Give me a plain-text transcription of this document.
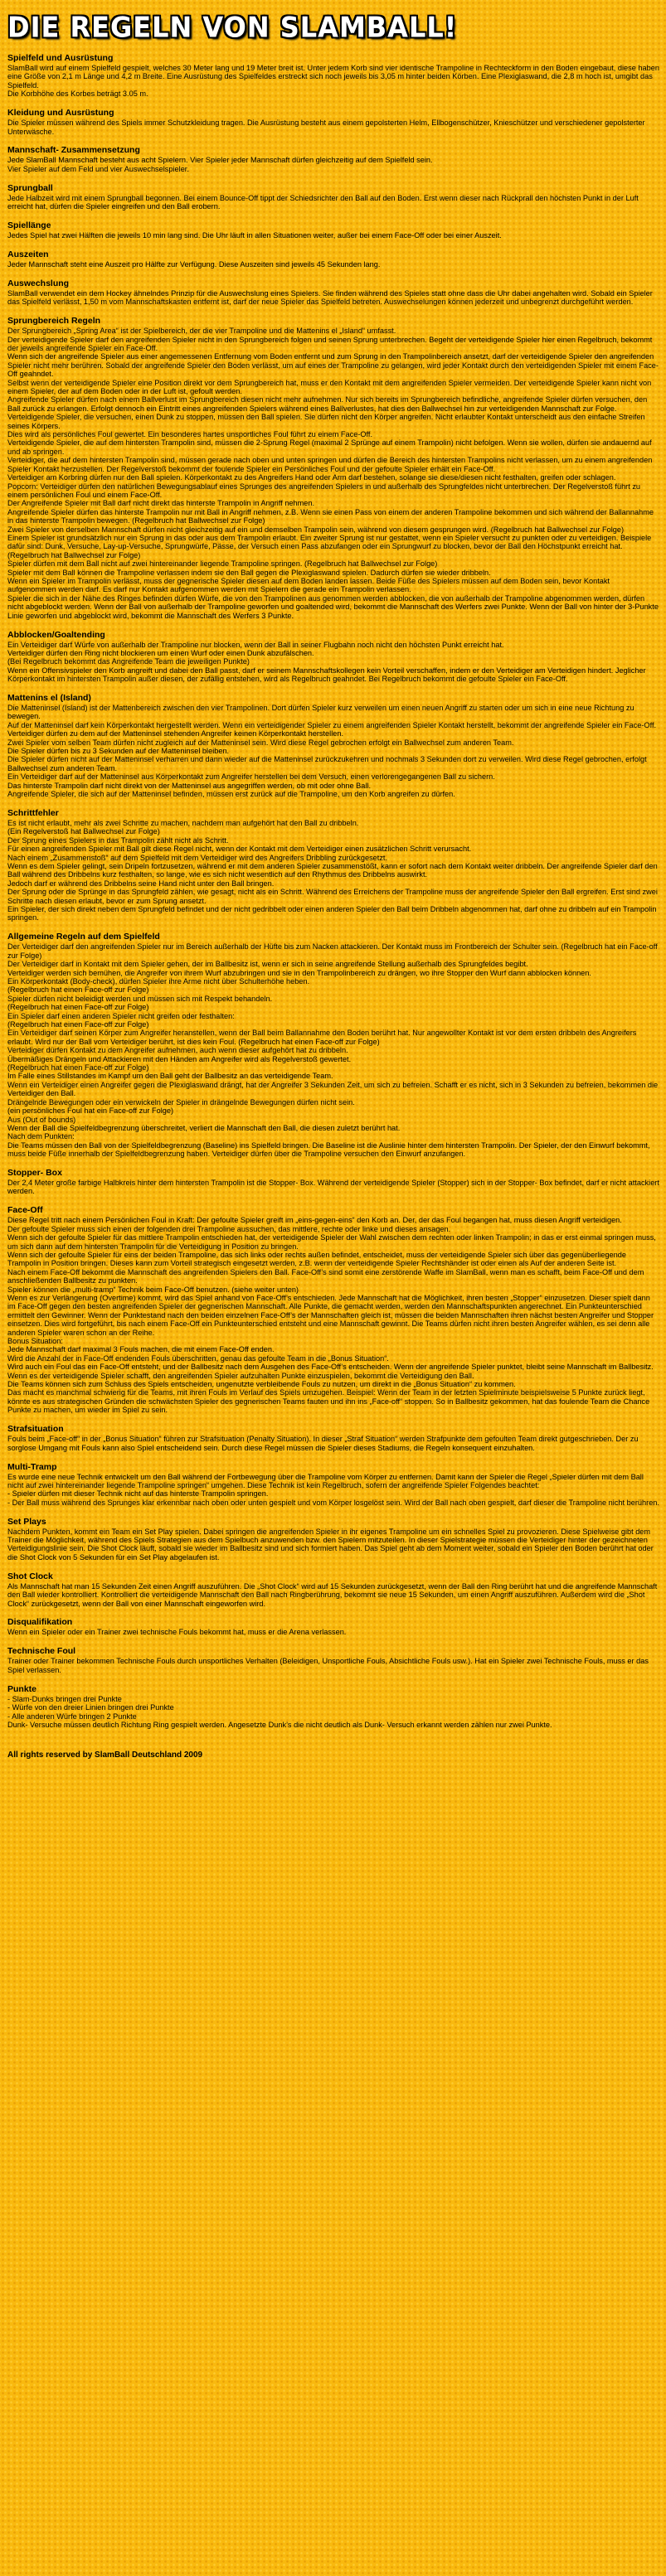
DIE REGELN VON SLAMBALL!
Spielfeld und Ausrüstung

SlamBall wird auf einem Spielfeld gespielt, welches 30 Meter lang und 19 Meter breit ist. Unter jedem Korb sind vier identische Trampoline in Rechteckform in den Boden eingebaut, diese haben eine Größe von 2,1 m Länge und 4,2 m Breite. Eine Ausrüstung des Spielfeldes erstreckt sich noch jeweils bis 3,05 m hinter beiden Körben. Eine Plexiglaswand, die 2,8 m hoch ist, umgibt das Spielfeld.

Die Korbhöhe des Korbes beträgt 3.05 m.

Kleidung und Ausrüstung

Die Spieler müssen während des Spiels immer Schutzkleidung tragen. Die Ausrüstung besteht aus einem gepolsterten Helm, Ellbogenschützer, Knieschützer und verschiedener gepolsterter Unterwäsche.

Mannschaft- Zusammensetzung

Jede SlamBall Mannschaft besteht aus acht Spielern. Vier Spieler jeder Mannschaft dürfen gleichzeitig auf dem Spielfeld sein.

Vier Spieler auf dem Feld und vier Auswechselspieler.

Sprungball

Jede Halbzeit wird mit einem Sprungball begonnen. Bei einem Bounce-Off tippt der Schiedsrichter den Ball auf den Boden. Erst wenn dieser nach Rückprall den höchsten Punkt in der Luft erreicht hat, dürfen die Spieler eingreifen und den Ball erobern.

Spiellänge

Jedes Spiel hat zwei Hälften die jeweils 10 min lang sind. Die Uhr läuft in allen Situationen weiter, außer bei einem Face-Off oder bei einer Auszeit.

Auszeiten

Jeder Mannschaft steht eine Auszeit pro Hälfte zur Verfügung. Diese Auszeiten sind jeweils 45 Sekunden lang.

Auswechslung

SlamBall verwendet ein dem Hockey ähnelndes Prinzip für die Auswechslung eines Spielers. Sie finden während des Spieles statt ohne dass die Uhr dabei angehalten wird. Sobald ein Spieler das Spielfeld verlässt, 1,50 m vom Mannschaftskasten entfernt ist, darf der neue Spieler das Spielfeld betreten. Auswechselungen können jederzeit und unbegrenzt durchgeführt werden.

Sprungbereich Regeln

Der Sprungbereich „Spring Area“ ist der Spielbereich, der die vier Trampoline und die Mattenins el „Island“ umfasst.

Der verteidigende Spieler darf den angreifenden Spieler nicht in den Sprungbereich folgen und seinen Sprung unterbrechen. Begeht der verteidigende Spieler hier einen Regelbruch, bekommt der jeweils angreifende Spieler ein Face-Off.

Wenn sich der angreifende Spieler aus einer angemessenen Entfernung vom Boden entfernt und zum Sprung in den Trampolinbereich ansetzt, darf der verteidigende Spieler den angreifenden Spieler nicht mehr berühren. Sobald der angreifende Spieler den Boden verlässt, um auf eines der Trampoline zu gelangen, wird jeder Kontakt durch den verteidigenden Spieler mit einem Face-Off geahndet.

Selbst wenn der verteidigende Spieler eine Position direkt vor dem Sprungbereich hat, muss er den Kontakt mit dem angreifenden Spieler vermeiden. Der verteidigende Spieler kann nicht von einem Spieler, der auf dem Boden oder in der Luft ist, gefoult werden.

Angreifende Spieler dürfen nach einem Ballverlust im Sprungbereich diesen nicht mehr aufnehmen. Nur sich bereits im Sprungbereich befindliche, angreifende Spieler dürfen versuchen, den Ball zurück zu erlangen. Erfolgt dennoch ein Eintritt eines angreifenden Spielers während eines Ballverlustes, hat dies den Ballwechsel hin zur verteidigenden Mannschaft zur Folge.

Verteidigende Spieler, die versuchen, einen Dunk zu stoppen, müssen den Ball spielen. Sie dürfen nicht den Körper angreifen. Nicht erlaubter Kontakt unterscheidt aus den einfache Streifen seines Körpers.

Dies wird als persönliches Foul gewertet. Ein besonderes hartes unsportliches Foul führt zu einem Face-Off.

Verteidigende Spieler, die auf dem hintersten Trampolin sind, müssen die 2-Sprung Regel (maximal 2 Sprünge auf einem Trampolin) nicht befolgen. Wenn sie wollen, dürfen sie andauernd auf und ab springen.

Verteidiger, die auf dem hintersten Trampolin sind, müssen gerade nach oben und unten springen und dürfen die Bereich des hintersten Trampolins nicht verlassen, um zu einem angreifenden Spieler Kontakt herzustellen. Der Regelverstoß bekommt der foulende Spieler ein Persönliches Foul und der gefoulte Spieler erhält ein Face-Off.

Verteidiger am Korbring dürfen nur den Ball spielen. Körperkontakt zu des Angreifers Hand oder Arm darf bestehen, solange sie diese/diesen nicht festhalten, greifen oder schlagen.

Popcorn: Verteidiger dürfen den natürlichen Bewegungsablauf eines Sprunges des angreifenden Spielers in und außerhalb des Sprungfeldes nicht unterbrechen. Der Regelverstoß führt zu einem persönlichen Foul und einem Face-Off.

Der Angreifende Spieler mit Ball darf nicht direkt das hinterste Trampolin in Angriff nehmen.

Angreifende Spieler dürfen das hinterste Trampolin nur mit Ball in Angriff nehmen, z.B. Wenn sie einen Pass von einem der anderen Trampoline bekommen und sich während der Ballannahme in das hinterste Trampolin bewegen. (Regelbruch hat Ballwechsel zur Folge)

Zwei Spieler von derselben Mannschaft dürfen nicht gleichzeitig auf ein und demselben Trampolin sein, während von diesem gesprungen wird. (Regelbruch hat Ballwechsel zur Folge)

Einem Spieler ist grundsätzlich nur ein Sprung in das oder aus dem Trampolin erlaubt. Ein zweiter Sprung ist nur gestattet, wenn ein Spieler versucht zu punkten oder zu verteidigen. Beispiele dafür sind: Dunk, Versuche, Lay-up-Versuche, Sprungwürfe, Pässe, der Versuch einen Pass abzufangen oder ein Sprungwurf zu blocken, bevor der Ball den Höchstpunkt erreicht hat. (Regelbruch hat Ballwechsel zur Folge)

Spieler dürfen mit dem Ball nicht auf zwei hintereinander liegende Trampoline springen. (Regelbruch hat Ballwechsel zur Folge)

Spieler mit dem Ball können die Trampoline verlassen indem sie den Ball gegen die Plexiglaswand spielen. Dadurch dürfen sie wieder dribbeln.

Wenn ein Spieler im Trampolin verlässt, muss der gegnerische Spieler diesen auf dem Boden landen lassen. Beide Füße des Spielers müssen auf dem Boden sein, bevor Kontakt aufgenommen werden darf. Es darf nur Kontakt aufgenommen werden mit Spielern die gerade ein Trampolin verlassen.

Spieler die sich in der Nähe des Ringes befinden dürfen Würfe, die von den Trampolinen aus genommen werden abblocken, die von außerhalb der Trampoline abgenommen werden, dürfen nicht abgeblockt werden. Wenn der Ball von außerhalb der Trampoline geworfen und goaltended wird, bekommt die Mannschaft des Werfers zwei Punkte. Wenn der Ball von hinter der 3-Punkte Linie geworfen und abgeblockt wird, bekommt die Mannschaft des Werfers 3 Punkte.

Abblocken/Goaltending

Ein Verteidiger darf Würfe von außerhalb der Trampoline nur blocken, wenn der Ball in seiner Flugbahn noch nicht den höchsten Punkt erreicht hat.

Verteidiger dürfen den Ring nicht blockieren um einen Wurf oder einen Dunk abzufälschen.

(Bei Regelbruch bekommt das Angreifende Team die jeweiligen Punkte)

Wenn ein Offensivspieler den Korb angreift und dabei den Ball passt, darf er seinem Mannschaftskollegen kein Vorteil verschaffen, indem er den Verteidiger am Verteidigen hindert. Jeglicher Körperkontakt im hintersten Trampolin außer diesen, der zufällig entstehen, wird als Regelbruch geahndet. Bei Regelbruch bekommt die gefoulte Spieler ein Face-Off.

Mattenins el (Island)

Die Matteninsel (Island) ist der Mattenbereich zwischen den vier Trampolinen. Dort dürfen Spieler kurz verweilen um einen neuen Angriff zu starten oder um sich in eine neue Richtung zu bewegen.

Auf der Matteninsel darf kein Körperkontakt hergestellt werden. Wenn ein verteidigender Spieler zu einem angreifenden Spieler Kontakt herstellt, bekommt der angreifende Spieler ein Face-Off. Verteidiger dürfen zu dem auf der Matteninsel stehenden Angreifer keinen Körperkontakt herstellen.

Zwei Spieler vom selben Team dürfen nicht zugleich auf der Matteninsel sein. Wird diese Regel gebrochen erfolgt ein Ballwechsel zum anderen Team.

Die Spieler dürfen bis zu 3 Sekunden auf der Matteninsel bleiben.

Die Spieler dürfen nicht auf der Matteninsel verharren und dann wieder auf die Matteninsel zurückzukehren und nochmals 3 Sekunden dort zu verweilen. Wird diese Regel gebrochen, erfolgt Ballwechsel zum anderen Team.

Ein Verteidiger darf auf der Matteninsel aus Körperkontakt zum Angreifer herstellen bei dem Versuch, einen verlorengegangenen Ball zu sichern.

Das hinterste Trampolin darf nicht direkt von der Matteninsel aus angegriffen werden, ob mit oder ohne Ball.

Angreifende Spieler, die sich auf der Matteninsel befinden, müssen erst zurück auf die Trampoline, um den Korb angreifen zu dürfen.

Schrittfehler

Es ist nicht erlaubt, mehr als zwei Schritte zu machen, nachdem man aufgehört hat den Ball zu dribbeln.

(Ein Regelverstoß hat Ballwechsel zur Folge)

Der Sprung eines Spielers in das Trampolin zählt nicht als Schritt.

Für einen angreifenden Spieler mit Ball gilt diese Regel nicht, wenn der Kontakt mit dem Verteidiger einen zusätzlichen Schritt verursacht.

Nach einem „Zusammenstoß“ auf dem Spielfeld mit dem Verteidiger wird des Angreifers Dribbling zurückgesetzt.

Wenn es dem Spieler gelingt, sein Dripeln fortzusetzen, während er mit dem anderen Spieler zusammenstößt, kann er sofort nach dem Kontakt weiter dribbeln. Der angreifende Spieler darf den Ball während des Dribbelns kurz festhalten, so lange, wie es sich nicht wesentlich auf den Rhythmus des Dribbelns auswirkt.

Jedoch darf er während des Dribbelns seine Hand nicht unter den Ball bringen.

Der Sprung oder die Sprünge in das Sprungfeld zählen, wie gesagt, nicht als ein Schritt. Während des Erreichens der Trampoline muss der angreifende Spieler den Ball ergreifen. Erst sind zwei Schritte nach diesen erlaubt, bevor er zum Sprung ansetzt.

Ein Spieler, der sich direkt neben dem Sprungfeld befindet und der nicht gedribbelt oder einen anderen Spieler den Ball beim Dribbeln abgenommen hat, darf ohne zu dribbeln auf ein Trampolin springen.

Allgemeine Regeln auf dem Spielfeld

Der Verteidiger darf den angreifenden Spieler nur im Bereich außerhalb der Hüfte bis zum Nacken attackieren. Der Kontakt muss im Frontbereich der Schulter sein. (Regelbruch hat ein Face-off zur Folge)

Der Verteidiger darf in Kontakt mit dem Spieler gehen, der im Ballbesitz ist, wenn er sich in seine angreifende Stellung außerhalb des Sprungfeldes begibt.

Verteidiger werden sich bemühen, die Angreifer von ihrem Wurf abzubringen und sie in den Trampolinbereich zu drängen, wo ihre Stopper den Wurf dann abblocken können.

Ein Körperkontakt (Body-check), dürfen Spieler ihre Arme nicht über Schulterhöhe heben.

(Regelbruch hat einen Face-off zur Folge)

Spieler dürfen nicht beleidigt werden und müssen sich mit Respekt behandeln.

(Regelbruch hat einen Face-off zur Folge)

Ein Spieler darf einen anderen Spieler nicht greifen oder festhalten:

(Regelbruch hat einen Face-off zur Folge)

Ein Verteidiger darf seinen Körper zum Angreifer heranstellen, wenn der Ball beim Ballannahme den Boden berührt hat. Nur angewollter Kontakt ist vor dem ersten dribbeln des Angreifers erlaubt. Wird nur der Ball vom Verteidiger berührt, ist dies kein Foul. (Regelbruch hat einen Face-off zur Folge)

Verteidiger dürfen Kontakt zu dem Angreifer aufnehmen, auch wenn dieser aufgehört hat zu dribbeln.

Übermäßiges Drängeln und Attackieren mit den Händen am Angreifer wird als Regelverstoß gewertet.

(Regelbruch hat einen Face-off zur Folge)

Im Falle eines Stillstandes im Kampf um den Ball geht der Ballbesitz an das verteidigende Team.

Wenn ein Verteidiger einen Angreifer gegen die Plexiglaswand drängt, hat der Angreifer 3 Sekunden Zeit, um sich zu befreien. Schafft er es nicht, sich in 3 Sekunden zu befreien, bekommen die Verteidiger den Ball.

Drängelnde Bewegungen oder ein verwickeln der Spieler in drängelnde Bewegungen dürfen nicht sein.

(ein persönliches Foul hat ein Face-off zur Folge)

Aus (Out of bounds)

Wenn der Ball die Spielfeldbegrenzung überschreitet, verliert die Mannschaft den Ball, die diesen zuletzt berührt hat.

Nach dem Punkten:

Die Teams müssen den Ball von der Spielfeldbegrenzung (Baseline) ins Spielfeld bringen. Die Baseline ist die Auslinie hinter dem hintersten Trampolin. Der Spieler, der den Einwurf bekommt, muss beide Füße innerhalb der Spielfeldbegrenzung haben. Verteidiger dürfen über die Trampoline versuchen den Einwurf anzufangen.

Stopper- Box

Der 2,4 Meter große farbige Halbkreis hinter dem hintersten Trampolin ist die Stopper- Box. Während der verteidigende Spieler (Stopper) sich in der Stopper- Box befindet, darf er nicht attackiert werden.

Face-Off

Diese Regel tritt nach einem Persönlichen Foul in Kraft: Der gefoulte Spieler greift im „eins-gegen-eins“ den Korb an. Der, der das Foul begangen hat, muss diesen Angriff verteidigen.

Der gefoulte Spieler muss sich einen der folgenden drei Trampoline aussuchen, das mittlere, rechte oder linke und dieses ansagen.

Wenn sich der gefoulte Spieler für das mittlere Trampolin entschieden hat, der verteidigende Spieler der Wahl zwischen dem rechten oder linken Trampolin; in das er erst einmal springen muss, um sich dann auf dem hintersten Trampolin für die Verteidigung in Position zu bringen.

Wenn sich der gefoulte Spieler für eins der beiden Trampoline, das sich links oder rechts außen befindet, entscheidet, muss der verteidigende Spieler sich über das gegenüberliegende Trampolin in Position bringen. Dieses kann zum Vorteil strategisch eingesetzt werden, z.B. wenn der verteidigende Spieler Rechtshänder ist oder einen als Auf der anderen Seite ist.

Nach einem Face-Off bekommt die Mannschaft des angreifenden Spielers den Ball. Face-Off’s sind somit eine zerstörende Waffe im SlamBall, wenn man es schafft, beim Face-Off und dem anschließenden Ballbesitz zu punkten.

Spieler können die „multi-tramp“ Technik beim Face-Off benutzen. (siehe weiter unten)

Wenn es zur Verlängerung (Overtime) kommt, wird das Spiel anhand von Face-Off’s entschieden. Jede Mannschaft hat die Möglichkeit, ihren besten „Stopper“ einzusetzen. Dieser spielt dann im Face-Off gegen den besten angreifenden Spieler der gegnerischen Mannschaft. Alle Punkte, die gemacht werden, werden den Mannschaftspunkten angerechnet. Ein Punkteunterschied ermittelt den Gewinner. Wenn der Punktestand nach den beiden einzelnen Face-Off’s der Mannschaften gleich ist, müssen die beiden Mannschaften ihren nächst besten Angreifer und Stopper einsetzen. Dies wird fortgeführt, bis nach einem Face-Off ein Punkteunterschied entsteht und eine Mannschaft gewinnt. Die Teams dürfen nicht ihren besten Angreifer wählen, es sei denn alle anderen Spieler waren schon an der Reihe.

Bonus Situation:

Jede Mannschaft darf maximal 3 Fouls machen, die mit einem Face-Off enden.

Wird die Anzahl der in Face-Off endenden Fouls überschritten, genau das gefoulte Team in die „Bonus Situation“.

Wird auch ein Foul das ein Face-Off entsteht, und der Ballbesitz nach dem Ausgehen des Face-Off’s entscheiden. Wenn der angreifende Spieler punktet, bleibt seine Mannschaft im Ballbesitz. Wenn es der verteidigende Spieler schafft, den angreifenden Spieler aufzuhalten Punkte einzuspielen, bekommt die Verteidigung den Ball.

Die Teams können sich zum Schluss des Spiels entscheiden, ungenutzte verbleibende Fouls zu nutzen, um direkt in die „Bonus Situation“ zu kommen.

Das macht es manchmal schwierig für die Teams, mit ihren Fouls im Verlauf des Spiels umzugehen. Beispiel: Wenn der Team in der letzten Spielminute beispielsweise 5 Punkte zurück liegt, könnte es aus strategischen Gründen die schwächsten Spieler des gegnerischen Teams fauten und ihn ins „Face-off“ stoppen. So in Ballbesitz gekommen, hat das foulende Team die Chance Punkte zu machen, um wieder im Spiel zu sein.

Strafsituation

Fouls beim „Face-off“ in der „Bonus Situation“ führen zur Strafsituation (Penalty Situation). In dieser „Straf Situation“ werden Strafpunkte dem gefoulten Team direkt gutgeschrieben. Der zu sorglose Umgang mit Fouls kann also Spiel entscheidend sein. Durch diese Regel müssen die Spieler dieses Stadiums, die Regeln konsequent einzuhalten.

Multi-Tramp

Es wurde eine neue Technik entwickelt um den Ball während der Fortbewegung über die Trampoline vom Körper zu entfernen. Damit kann der Spieler die Regel „Spieler dürfen mit dem Ball nicht auf zwei hintereinander liegende Trampoline springen“ umgehen. Diese Technik ist kein Regelbruch, sofern der angreifende Spieler Folgendes beachtet:

- Spieler dürfen mit dieser Technik nicht auf das hinterste Trampolin springen.

- Der Ball muss während des Sprunges klar erkennbar nach oben oder unten gespielt und vom Körper losgelöst sein. Wird der Ball nach oben gespielt, darf dieser die Trampoline nicht berühren.

Set Plays

Nachdem Punkten, kommt ein Team ein Set Play spielen. Dabei springen die angreifenden Spieler in ihr eigenes Trampoline um ein schnelles Spiel zu provozieren. Diese Spielweise gibt dem Trainer die Möglichkeit, während des Spiels Strategien aus dem Spielbuch anzuwenden bzw. den Spielern mitzuteilen. In dieser Spielstrategie müssen die Verteidiger hinter der gezeichneten Verteidigungslinie sein. Die Shot Clock läuft, sobald sie wieder im Ballbesitz sind und sich formiert haben. Das Spiel geht ab dem Moment weiter, sobald ein Spieler den Boden berührt hat oder die Shot Clock von 5 Sekunden für ein Set Play abgelaufen ist.

Shot Clock

Als Mannschaft hat man 15 Sekunden Zeit einen Angriff auszuführen. Die „Shot Clock“ wird auf 15 Sekunden zurückgesetzt, wenn der Ball den Ring berührt hat und die angreifende Mannschaft den Ball wieder kontrolliert. Kontrolliert die verteidigende Mannschaft den Ball nach Ringberührung, bekommt sie neue 15 Sekunden, um einen Angriff auszuführen. Außerdem wird die „Shot Clock“ zurückgesetzt, wenn der Ball von einer Mannschaft eingeworfen wird.

Disqualifikation

Wenn ein Spieler oder ein Trainer zwei technische Fouls bekommt hat, muss er die Arena verlassen.

Technische Foul

Trainer oder Trainer bekommen Technische Fouls durch unsportliches Verhalten (Beleidigen, Unsportliche Fouls, Absichtliche Fouls usw.). Hat ein Spieler zwei Technische Fouls, muss er das Spiel verlassen.

Punkte

- Slam-Dunks bringen drei Punkte

- Würfe von den dreier Linien bringen drei Punkte

- Alle anderen Würfe bringen 2 Punkte

Dunk- Versuche müssen deutlich Richtung Ring gespielt werden. Angesetzte Dunk’s die nicht deutlich als Dunk- Versuch erkannt werden zählen nur zwei Punkte.

All rights reserved by SlamBall Deutschland 2009
